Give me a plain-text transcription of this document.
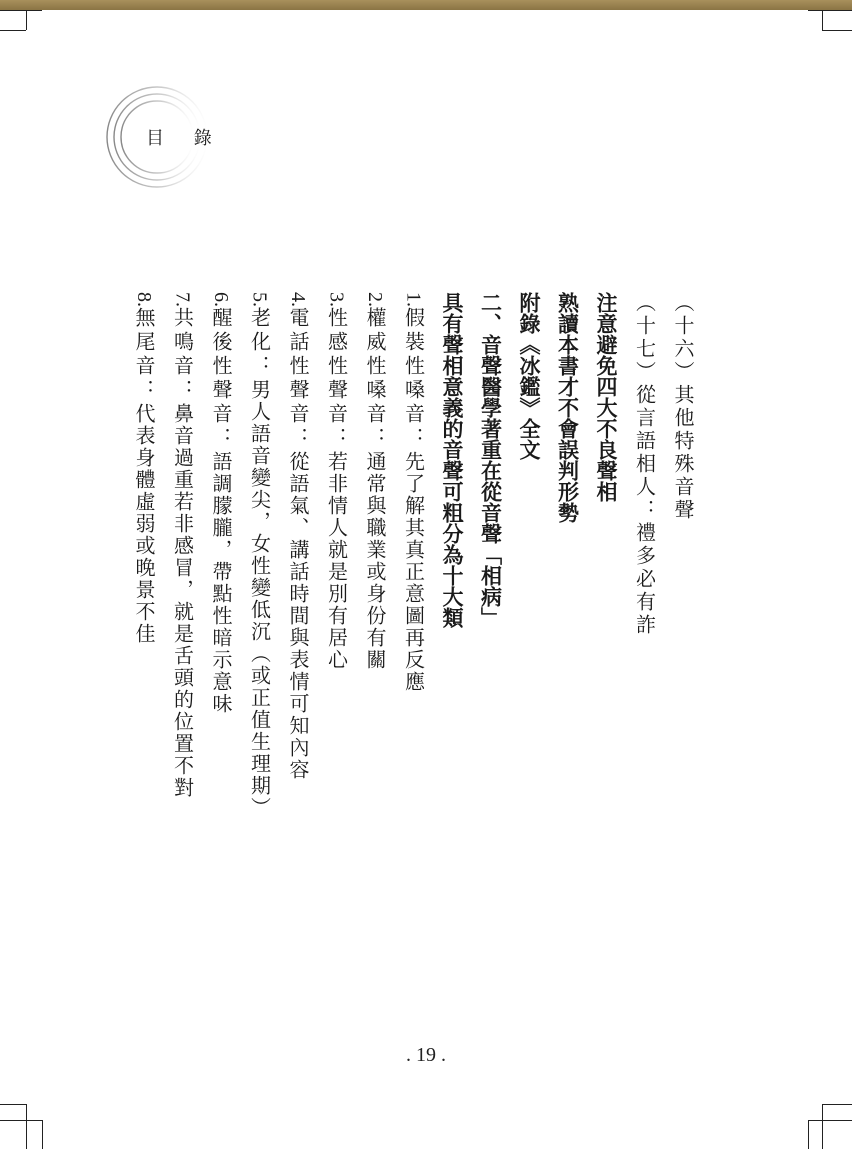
目 錄
（十六）其他特殊音聲
（十七）從言語相人：禮多必有詐
注意避免四大不良聲相
熟讀本書才不會誤判形勢
附錄《冰鑑》全文
二、音聲醫學著重在從音聲「相病」
具有聲相意義的音聲可粗分為十大類
1.假裝性嗓音：先了解其真正意圖再反應
2.權威性嗓音：通常與職業或身份有關
3.性感性聲音：若非情人就是別有居心
4.電話性聲音：從語氣、講話時間與表情可知內容
5.老化：男人語音變尖，女性變低沉（或正值生理期）
6.醒後性聲音：語調朦朧，帶點性暗示意味
7.共鳴音：鼻音過重若非感冒，就是舌頭的位置不對
8.無尾音：代表身體虛弱或晚景不佳
. 19 .
